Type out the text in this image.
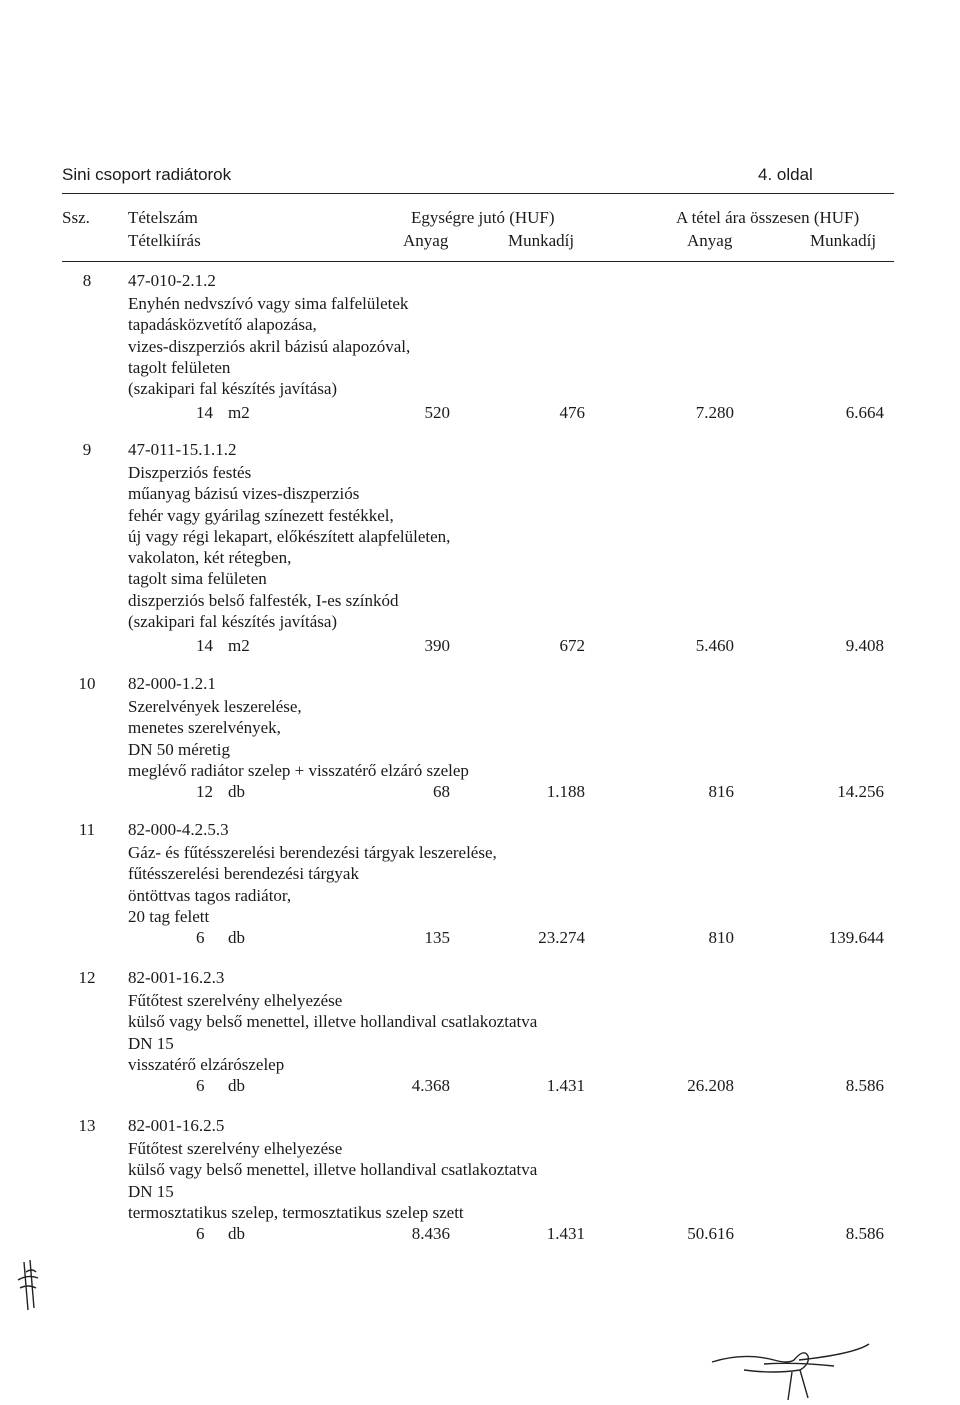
Sini csoport radiátorok	4. oldal
Ssz. Tételszám
Tételkiírás
Egységre jutó (HUF)	A tétel ára összesen (HUF)
Anyag	Munkadíj	Anyag	Munkadíj
8	47-010-2.1.2
Enyhén nedvszívó vagy sima falfelületek
tapadásközvetítő alapozása,
vizes-diszperziós akril bázisú alapozóval,
tagolt felületen
(szakipari fal készítés javítása)
14 m2	520	476	7.280	6.664
9	47-011-15.1.1.2
Diszperziós festés
műanyag bázisú vizes-diszperziós
fehér vagy gyárilag színezett festékkel,
új vagy régi lekapart, előkészített alapfelületen,
vakolaton, két rétegben,
tagolt sima felületen
diszperziós belső falfesték, I-es színkód
(szakipari fal készítés javítása)
14 m2	390	672	5.460	9.408
10	82-000-1.2.1
Szerelvények leszerelése,
menetes szerelvények,
DN 50 méretig
meglévő radiátor szelep + visszatérő elzáró szelep
12 db	68	1.188	816	14.256
11	82-000-4.2.5.3
Gáz- és fűtésszerelési berendezési tárgyak leszerelése,
fűtésszerelési berendezési tárgyak
öntöttvas tagos radiátor,
20 tag felett
6 db	135	23.274	810	139.644
12	82-001-16.2.3
Fűtőtest szerelvény elhelyezése
külső vagy belső menettel, illetve hollandival csatlakoztatva
DN 15
visszatérő elzárószelep
6 db	4.368	1.431	26.208	8.586
13	82-001-16.2.5
Fűtőtest szerelvény elhelyezése
külső vagy belső menettel, illetve hollandival csatlakoztatva
DN 15
termosztatikus szelep, termosztatikus szelep szett
6 db	8.436	1.431	50.616	8.586
